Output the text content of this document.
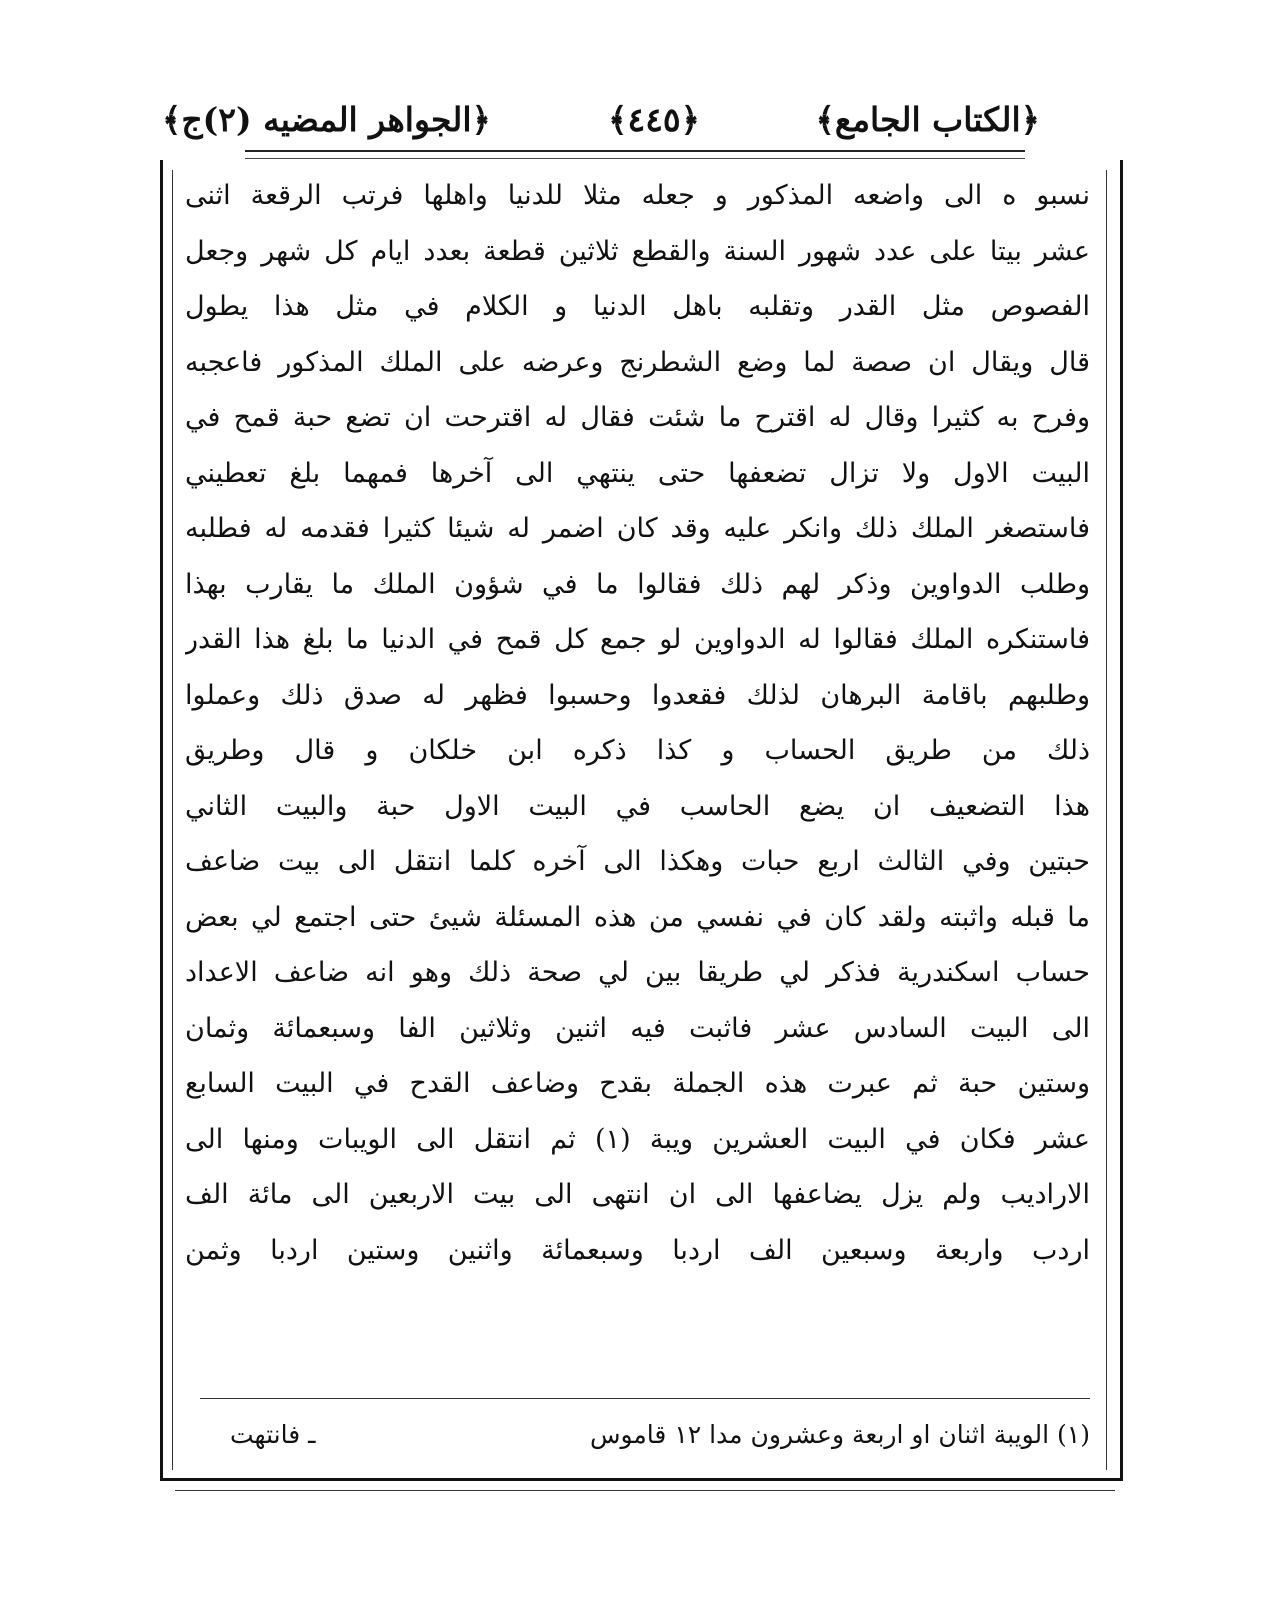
﴿الكتاب الجامع﴾
﴿٤٤٥﴾
﴿الجواهر المضيه (٢)ج﴾
نسبو ه الى واضعه المذكور و جعله مثلا للدنيا واهلها فرتب الرقعة اثنى
عشر بيتا على عدد شهور السنة والقطع ثلاثين قطعة بعدد ايام كل شهر وجعل
الفصوص مثل القدر وتقلبه باهل الدنيا و الكلام في مثل هذا يطول
قال ويقال ان صصة لما وضع الشطرنج وعرضه على الملك المذكور فاعجبه
وفرح به كثيرا وقال له اقترح ما شئت فقال له اقترحت ان تضع حبة قمح في
البيت الاول ولا تزال تضعفها حتى ينتهي الى آخرها فمهما بلغ تعطيني
فاستصغر الملك ذلك وانكر عليه وقد كان اضمر له شيئا كثيرا فقدمه له فطلبه
وطلب الدواوين وذكر لهم ذلك فقالوا ما في شؤون الملك ما يقارب بهذا
فاستنكره الملك فقالوا له الدواوين لو جمع كل قمح في الدنيا ما بلغ هذا القدر
وطلبهم باقامة البرهان لذلك فقعدوا وحسبوا فظهر له صدق ذلك وعملوا
ذلك من طريق الحساب و كذا ذكره ابن خلكان و قال وطريق
هذا التضعيف ان يضع الحاسب في البيت الاول حبة والبيت الثاني
حبتين وفي الثالث اربع حبات وهكذا الى آخره كلما انتقل الى بيت ضاعف
ما قبله واثبته ولقد كان في نفسي من هذه المسئلة شيئ حتى اجتمع لي بعض
حساب اسكندرية فذكر لي طريقا بين لي صحة ذلك وهو انه ضاعف الاعداد
الى البيت السادس عشر فاثبت فيه اثنين وثلاثين الفا وسبعمائة وثمان
وستين حبة ثم عبرت هذه الجملة بقدح وضاعف القدح في البيت السابع
عشر فكان في البيت العشرين ويبة (١) ثم انتقل الى الويبات ومنها الى
الاراديب ولم يزل يضاعفها الى ان انتهى الى بيت الاربعين الى مائة الف
اردب واربعة وسبعين الف اردبا وسبعمائة واثنين وستين اردبا وثمن
(١) الويبة اثنان او اربعة وعشرون مدا ١٢ قاموس
ـ فانتهت
